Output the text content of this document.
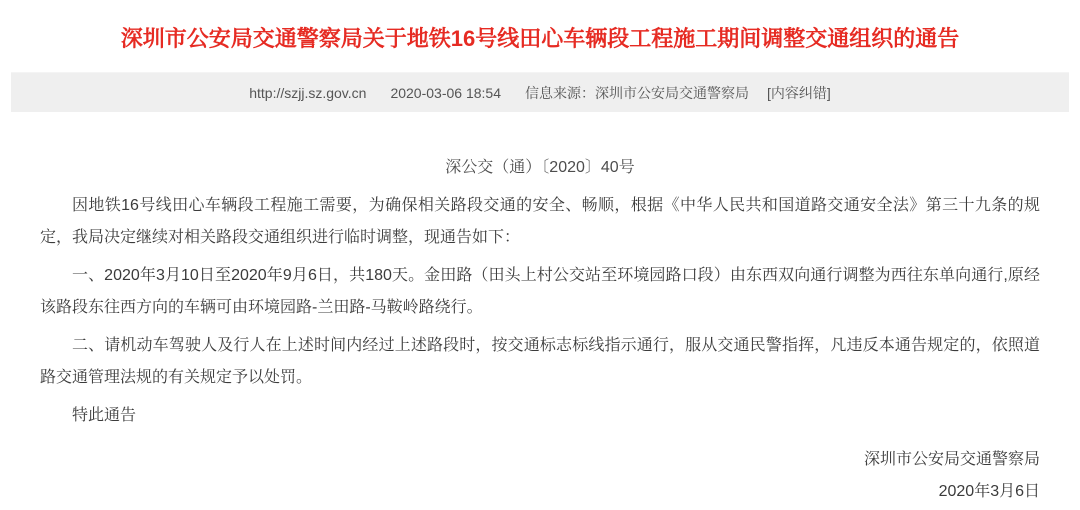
深圳市公安局交通警察局关于地铁16号线田心车辆段工程施工期间调整交通组织的通告
http://szjj.sz.gov.cn 2020-03-06 18:54 信息来源： 深圳市公安局交通警察局 [内容纠错]

深公交（通）〔2020〕40号

因地铁16号线田心车辆段工程施工需要，为确保相关路段交通的安全、畅顺，根据《中华人民共和国道路交通安全法》第三十九条的规定，我局决定继续对相关路段交通组织进行临时调整，现通告如下：

一、2020年3月10日至2020年9月6日，共180天。金田路（田头上村公交站至环境园路口段）由东西双向通行调整为西往东单向通行,原经该路段东往西方向的车辆可由环境园路-兰田路-马鞍岭路绕行。

二、请机动车驾驶人及行人在上述时间内经过上述路段时，按交通标志标线指示通行，服从交通民警指挥，凡违反本通告规定的，依照道路交通管理法规的有关规定予以处罚。

特此通告

深圳市公安局交通警察局

2020年3月6日
